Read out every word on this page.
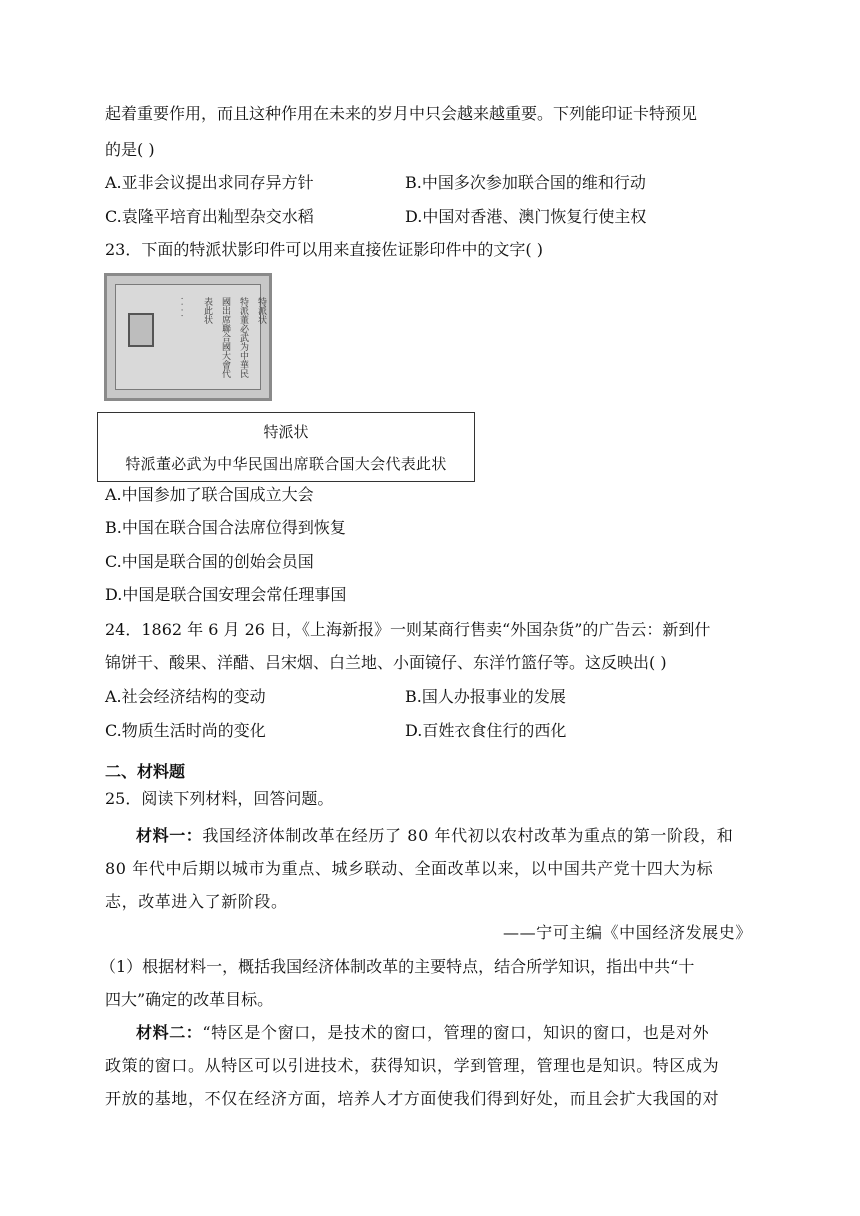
起着重要作用，而且这种作用在未来的岁月中只会越来越重要。下列能印证卡特预见
的是( )
A.亚非会议提出求同存异方针	B.中国多次参加联合国的维和行动
C.袁隆平培育出籼型杂交水稻	D.中国对香港、澳门恢复行使主权
23．下面的特派状影印件可以用来直接佐证影印件中的文字( )
特派状
特派董必武为中華民
國出席聯合國大會代
表此状
· · · ·
特派状
特派董必武为中华民国出席联合国大会代表此状
A.中国参加了联合国成立大会
B.中国在联合国合法席位得到恢复
C.中国是联合国的创始会员国
D.中国是联合国安理会常任理事国
24．1862 年 6 月 26 日，《上海新报》一则某商行售卖“外国杂货”的广告云：新到什
锦饼干、酸果、洋醋、吕宋烟、白兰地、小面镜仔、东洋竹篮仔等。这反映出( )
A.社会经济结构的变动	B.国人办报事业的发展
C.物质生活时尚的变化	D.百姓衣食住行的西化
二、材料题
25．阅读下列材料，回答问题。
材料一：我国经济体制改革在经历了 80 年代初以农村改革为重点的第一阶段，和
80 年代中后期以城市为重点、城乡联动、全面改革以来，以中国共产党十四大为标
志，改革进入了新阶段。
——宁可主编《中国经济发展史》
（1）根据材料一，概括我国经济体制改革的主要特点，结合所学知识，指出中共“十
四大”确定的改革目标。
材料二：“特区是个窗口，是技术的窗口，管理的窗口，知识的窗口，也是对外
政策的窗口。从特区可以引进技术，获得知识，学到管理，管理也是知识。特区成为
开放的基地，不仅在经济方面，培养人才方面使我们得到好处，而且会扩大我国的对
